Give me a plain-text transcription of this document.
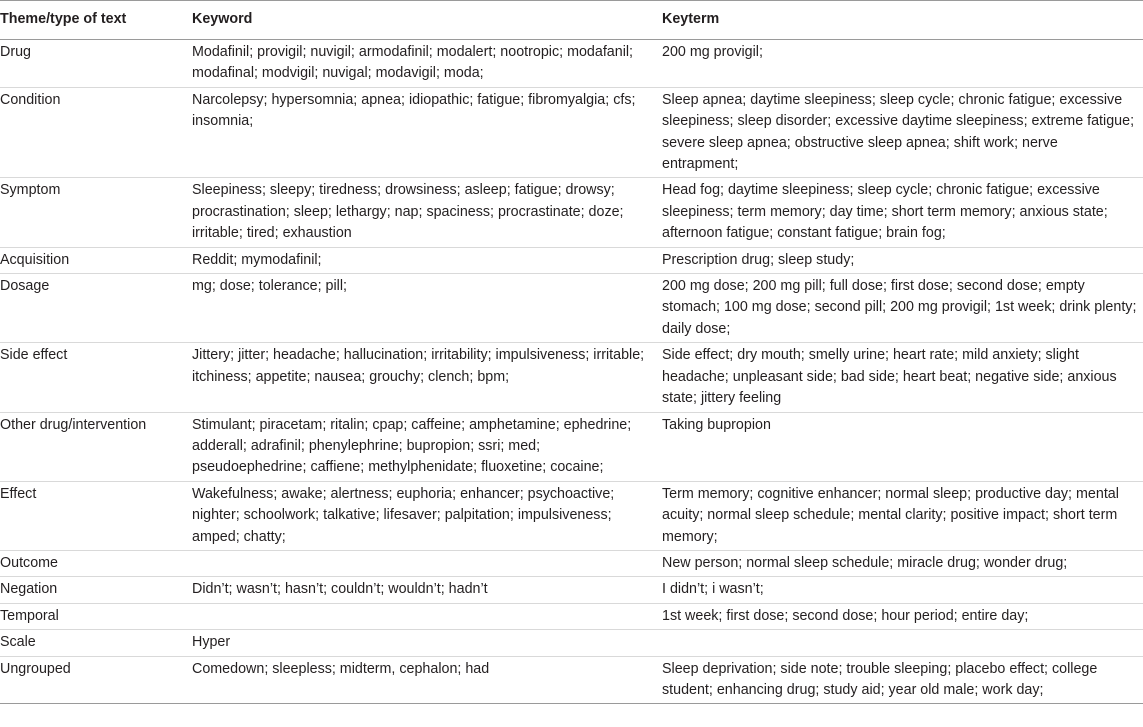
Theme/type of text	Keyword	Keyterm
Drug	Modafinil; provigil; nuvigil; armodafinil; modalert; nootropic; modafanil; modafinal; modvigil; nuvigal; modavigil; moda;	200 mg provigil;
Condition	Narcolepsy; hypersomnia; apnea; idiopathic; fatigue; fibromyalgia; cfs; insomnia;	Sleep apnea; daytime sleepiness; sleep cycle; chronic fatigue; excessive sleepiness; sleep disorder; excessive daytime sleepiness; extreme fatigue; severe sleep apnea; obstructive sleep apnea; shift work; nerve entrapment;
Symptom	Sleepiness; sleepy; tiredness; drowsiness; asleep; fatigue; drowsy; procrastination; sleep; lethargy; nap; spaciness; procrastinate; doze; irritable; tired; exhaustion	Head fog; daytime sleepiness; sleep cycle; chronic fatigue; excessive sleepiness; term memory; day time; short term memory; anxious state; afternoon fatigue; constant fatigue; brain fog;
Acquisition	Reddit; mymodafinil;	Prescription drug; sleep study;
Dosage	mg; dose; tolerance; pill;	200 mg dose; 200 mg pill; full dose; first dose; second dose; empty stomach; 100 mg dose; second pill; 200 mg provigil; 1st week; drink plenty; daily dose;
Side effect	Jittery; jitter; headache; hallucination; irritability; impulsiveness; irritable; itchiness; appetite; nausea; grouchy; clench; bpm;	Side effect; dry mouth; smelly urine; heart rate; mild anxiety; slight headache; unpleasant side; bad side; heart beat; negative side; anxious state; jittery feeling
Other drug/intervention	Stimulant; piracetam; ritalin; cpap; caffeine; amphetamine; ephedrine; adderall; adrafinil; phenylephrine; bupropion; ssri; med; pseudoephedrine; caffiene; methylphenidate; fluoxetine; cocaine;	Taking bupropion
Effect	Wakefulness; awake; alertness; euphoria; enhancer; psychoactive; nighter; schoolwork; talkative; lifesaver; palpitation; impulsiveness; amped; chatty;	Term memory; cognitive enhancer; normal sleep; productive day; mental acuity; normal sleep schedule; mental clarity; positive impact; short term memory;
Outcome		New person; normal sleep schedule; miracle drug; wonder drug;
Negation	Didn’t; wasn’t; hasn’t; couldn’t; wouldn’t; hadn’t	I didn’t; i wasn’t;
Temporal		1st week; first dose; second dose; hour period; entire day;
Scale	Hyper	
Ungrouped	Comedown; sleepless; midterm, cephalon; had	Sleep deprivation; side note; trouble sleeping; placebo effect; college student; enhancing drug; study aid; year old male; work day;
